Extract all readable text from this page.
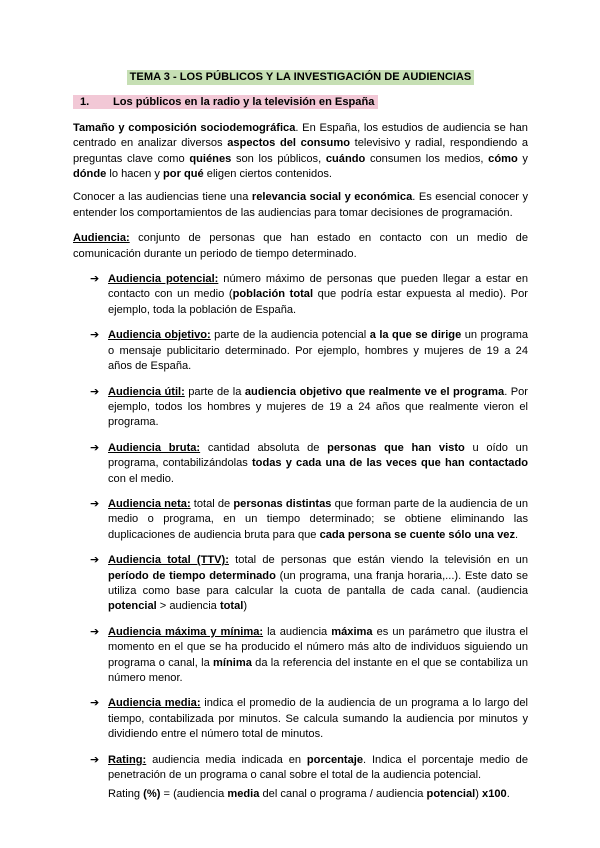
TEMA 3 - LOS PÚBLICOS Y LA INVESTIGACIÓN DE AUDIENCIAS
1. Los públicos en la radio y la televisión en España

Tamaño y composición sociodemográfica. En España, los estudios de audiencia se han centrado en analizar diversos aspectos del consumo televisivo y radial, respondiendo a preguntas clave como quiénes son los públicos, cuándo consumen los medios, cómo y dónde lo hacen y por qué eligen ciertos contenidos.

Conocer a las audiencias tiene una relevancia social y económica. Es esencial conocer y entender los comportamientos de las audiencias para tomar decisiones de programación.

Audiencia: conjunto de personas que han estado en contacto con un medio de comunicación durante un periodo de tiempo determinado.

➔ Audiencia potencial: número máximo de personas que pueden llegar a estar en contacto con un medio (población total que podría estar expuesta al medio). Por ejemplo, toda la población de España.
➔ Audiencia objetivo: parte de la audiencia potencial a la que se dirige un programa o mensaje publicitario determinado. Por ejemplo, hombres y mujeres de 19 a 24 años de España.
➔ Audiencia útil: parte de la audiencia objetivo que realmente ve el programa. Por ejemplo, todos los hombres y mujeres de 19 a 24 años que realmente vieron el programa.
➔ Audiencia bruta: cantidad absoluta de personas que han visto u oído un programa, contabilizándolas todas y cada una de las veces que han contactado con el medio.
➔ Audiencia neta: total de personas distintas que forman parte de la audiencia de un medio o programa, en un tiempo determinado; se obtiene eliminando las duplicaciones de audiencia bruta para que cada persona se cuente sólo una vez.
➔ Audiencia total (TTV): total de personas que están viendo la televisión en un período de tiempo determinado (un programa, una franja horaria,...). Este dato se utiliza como base para calcular la cuota de pantalla de cada canal. (audiencia potencial > audiencia total)
➔ Audiencia máxima y mínima: la audiencia máxima es un parámetro que ilustra el momento en el que se ha producido el número más alto de individuos siguiendo un programa o canal, la mínima da la referencia del instante en el que se contabiliza un número menor.
➔ Audiencia media: indica el promedio de la audiencia de un programa a lo largo del tiempo, contabilizada por minutos. Se calcula sumando la audiencia por minutos y dividiendo entre el número total de minutos.
➔ Rating: audiencia media indicada en porcentaje. Indica el porcentaje medio de penetración de un programa o canal sobre el total de la audiencia potencial.
Rating (%) = (audiencia media del canal o programa / audiencia potencial) x100.
